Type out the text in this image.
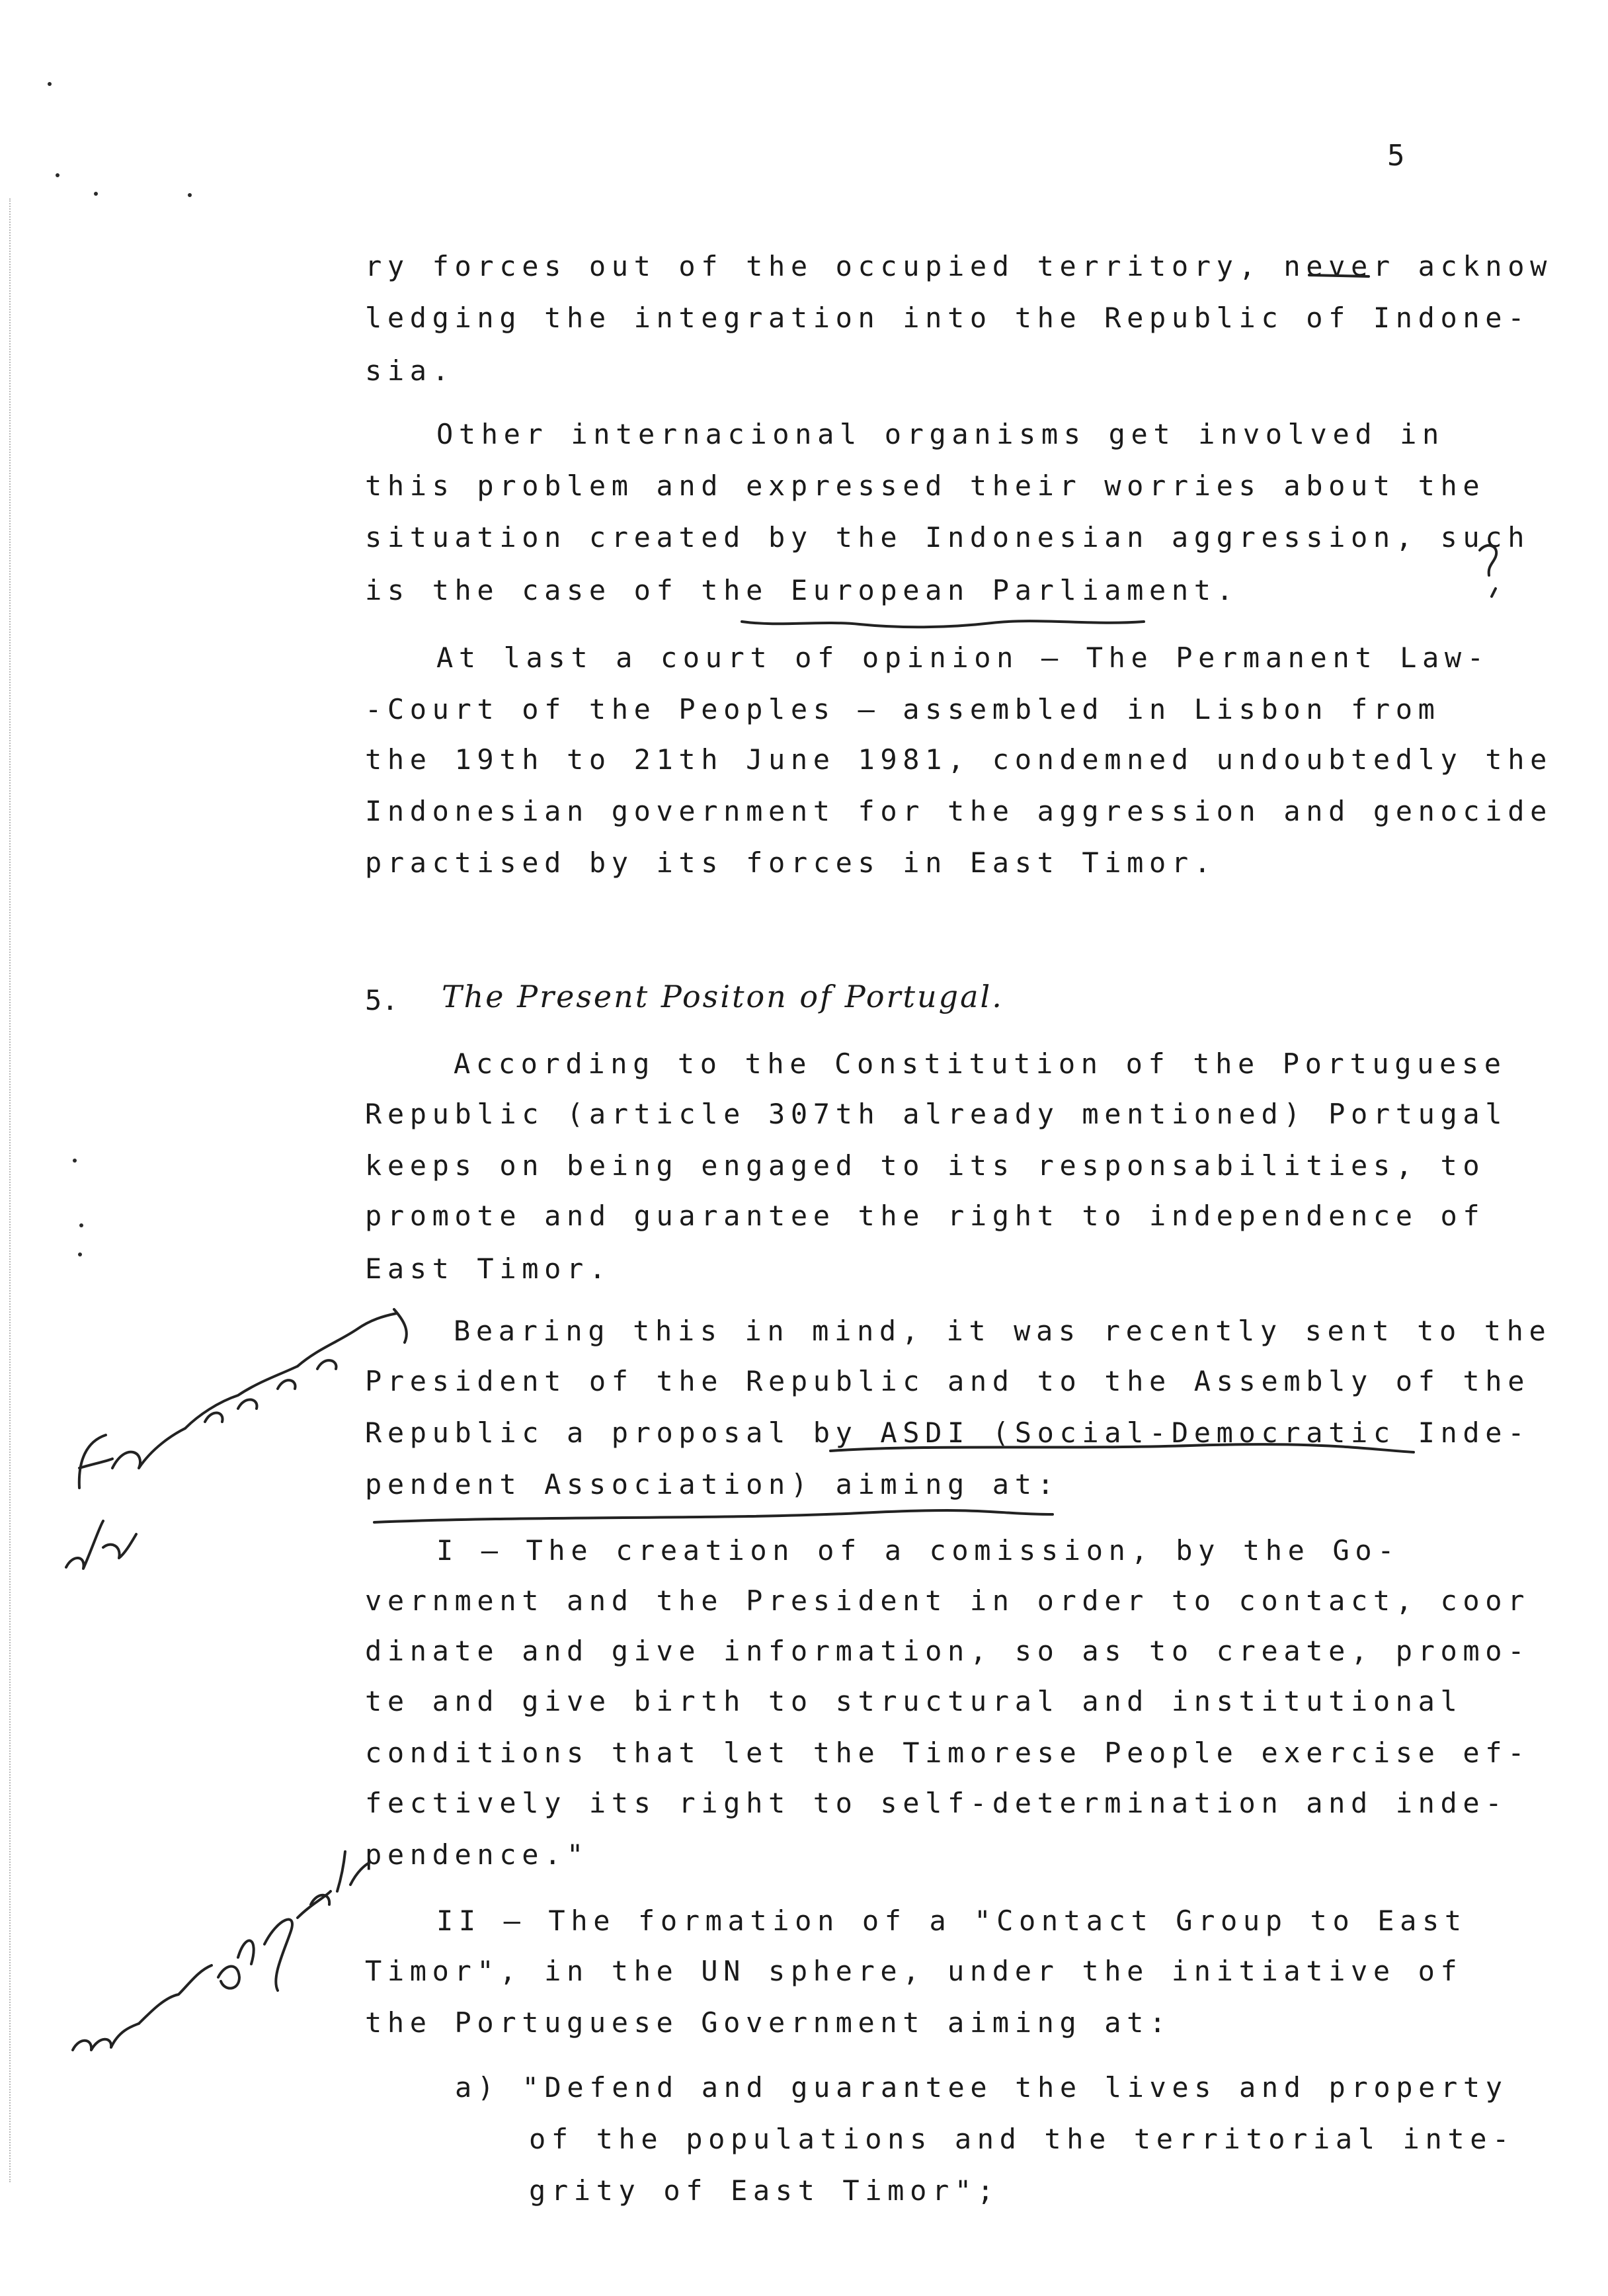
5
ry forces out of the occupied territory, never acknow
ledging the integration into the Republic of Indone-
sia.
Other internacional organisms get involved in
this problem and expressed their worries about the
situation created by the Indonesian aggression, such
is the case of the European Parliament.
At last a court of opinion — The Permanent Law-
-Court of the Peoples — assembled in Lisbon from
the 19th to 21th June 1981, condemned undoubtedly the
Indonesian government for the aggression and genocide
practised by its forces in East Timor.
5. The Present Positon of Portugal.
According to the Constitution of the Portuguese
Republic (article 307th already mentioned) Portugal
keeps on being engaged to its responsabilities, to
promote and guarantee the right to independence of
East Timor.
Bearing this in mind, it was recently sent to the
President of the Republic and to the Assembly of the
Republic a proposal by ASDI (Social-Democratic Inde-
pendent Association) aiming at:
I — The creation of a comission, by the Go-
vernment and the President in order to contact, coor
dinate and give information, so as to create, promo-
te and give birth to structural and institutional
conditions that let the Timorese People exercise ef-
fectively its right to self-determination and inde-
pendence."
II — The formation of a "Contact Group to East
Timor", in the UN sphere, under the initiative of
the Portuguese Government aiming at:
a) "Defend and guarantee the lives and property
of the populations and the territorial inte-
grity of East Timor";
